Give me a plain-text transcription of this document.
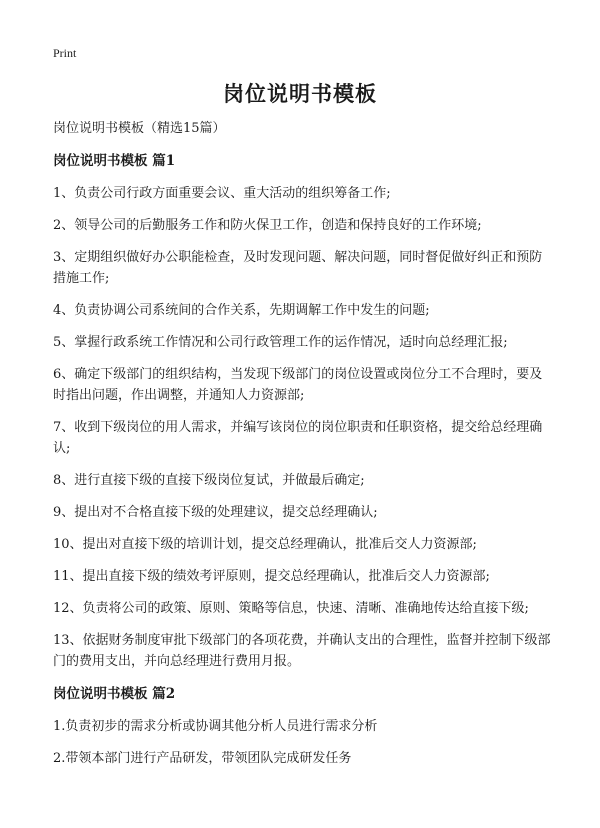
Print
岗位说明书模板

岗位说明书模板（精选15篇）

岗位说明书模板 篇1

1、负责公司行政方面重要会议、重大活动的组织筹备工作;

2、领导公司的后勤服务工作和防火保卫工作，创造和保持良好的工作环境;

3、定期组织做好办公职能检查，及时发现问题、解决问题，同时督促做好纠正和预防措施工作;

4、负责协调公司系统间的合作关系，先期调解工作中发生的问题;

5、掌握行政系统工作情况和公司行政管理工作的运作情况，适时向总经理汇报;

6、确定下级部门的组织结构，当发现下级部门的岗位设置或岗位分工不合理时，要及时指出问题，作出调整，并通知人力资源部;

7、收到下级岗位的用人需求，并编写该岗位的岗位职责和任职资格，提交给总经理确认;

8、进行直接下级的直接下级岗位复试，并做最后确定;

9、提出对不合格直接下级的处理建议，提交总经理确认;

10、提出对直接下级的培训计划，提交总经理确认，批准后交人力资源部;

11、提出直接下级的绩效考评原则，提交总经理确认，批准后交人力资源部;

12、负责将公司的政策、原则、策略等信息，快速、清晰、准确地传达给直接下级;

13、依据财务制度审批下级部门的各项花费，并确认支出的合理性，监督并控制下级部门的费用支出，并向总经理进行费用月报。

岗位说明书模板 篇2

1.负责初步的需求分析或协调其他分析人员进行需求分析

2.带领本部门进行产品研发，带领团队完成研发任务
